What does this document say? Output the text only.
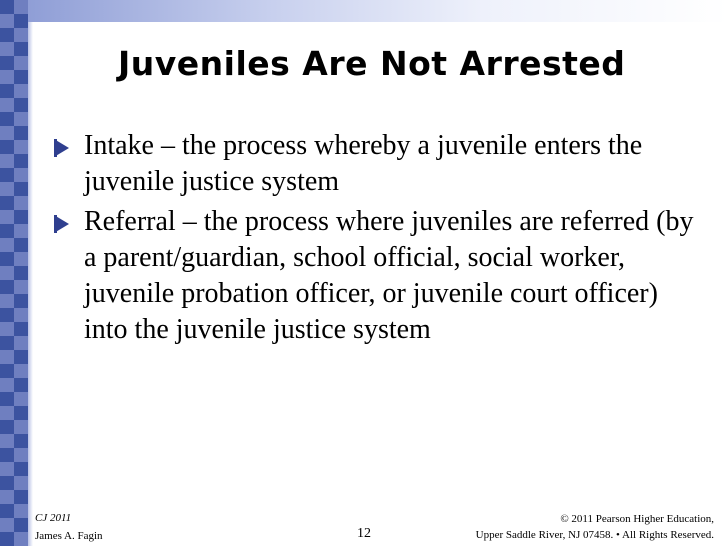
Juveniles Are Not Arrested
Intake – the process whereby a juvenile enters the juvenile justice system
Referral – the process where juveniles are referred (by a parent/guardian, school official, social worker, juvenile probation officer, or juvenile court officer) into the juvenile justice system
CJ 2011
James A. Fagin	12
© 2011 Pearson Higher Education,
Upper Saddle River, NJ 07458. • All Rights Reserved.
